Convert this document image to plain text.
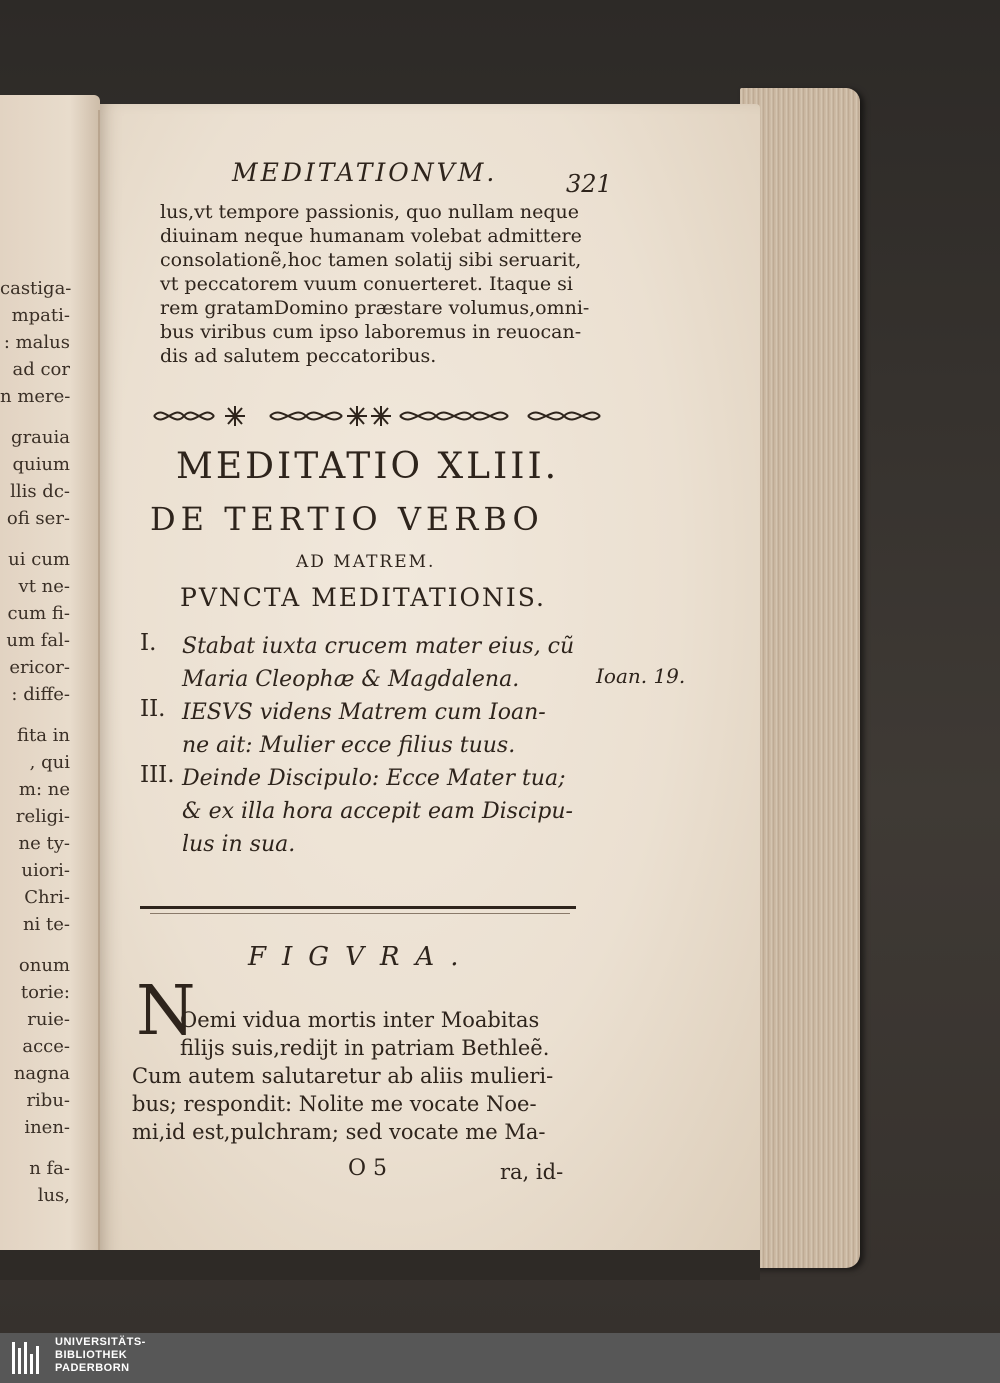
castiga-
mpati-
: malus
ad cor
n mere-
grauia
quium
llis dc-
ofi ser-
ui cum
vt ne-
cum fi-
um fal-
ericor-
: diffe-
fita in
, qui
m: ne
religi-
ne ty-
uiori-
Chri-
ni te-
onum
torie:
ruie-
acce-
nagna
ribu-
inen-
n fa-
lus,
MEDITATIONVM.	321
lus,vt tempore passionis, quo nullam neque
diuinam neque humanam volebat admittere
consolationẽ,hoc tamen solatij sibi seruarit,
vt peccatorem vuum conuerteret. Itaque si
rem gratamDomino præstare volumus,omni-
bus viribus cum ipso laboremus in reuocan-
dis ad salutem peccatoribus.
MEDITATIO XLIII.
DE TERTIO VERBO
AD MATREM.
PVNCTA MEDITATIONIS.
I.	Stabat iuxta crucem mater eius, cũ
Maria Cleophæ & Magdalena.
II. IESVS videns Matrem cum Ioan-
ne ait: Mulier ecce filius tuus.
III. Deinde Discipulo: Ecce Mater tua;
& ex illa hora accepit eam Discipu-
lus in sua.
Ioan. 19.
FIGVRA.
N
Oemi vidua mortis inter Moabitas
filijs suis,redijt in patriam Bethleẽ.
Cum autem salutaretur ab aliis mulieri-
bus; respondit: Nolite me vocate Noe-
mi,id est,pulchram; sed vocate me Ma-
O 5	ra, id-
UNIVERSITÄTS-
BIBLIOTHEK
PADERBORN
